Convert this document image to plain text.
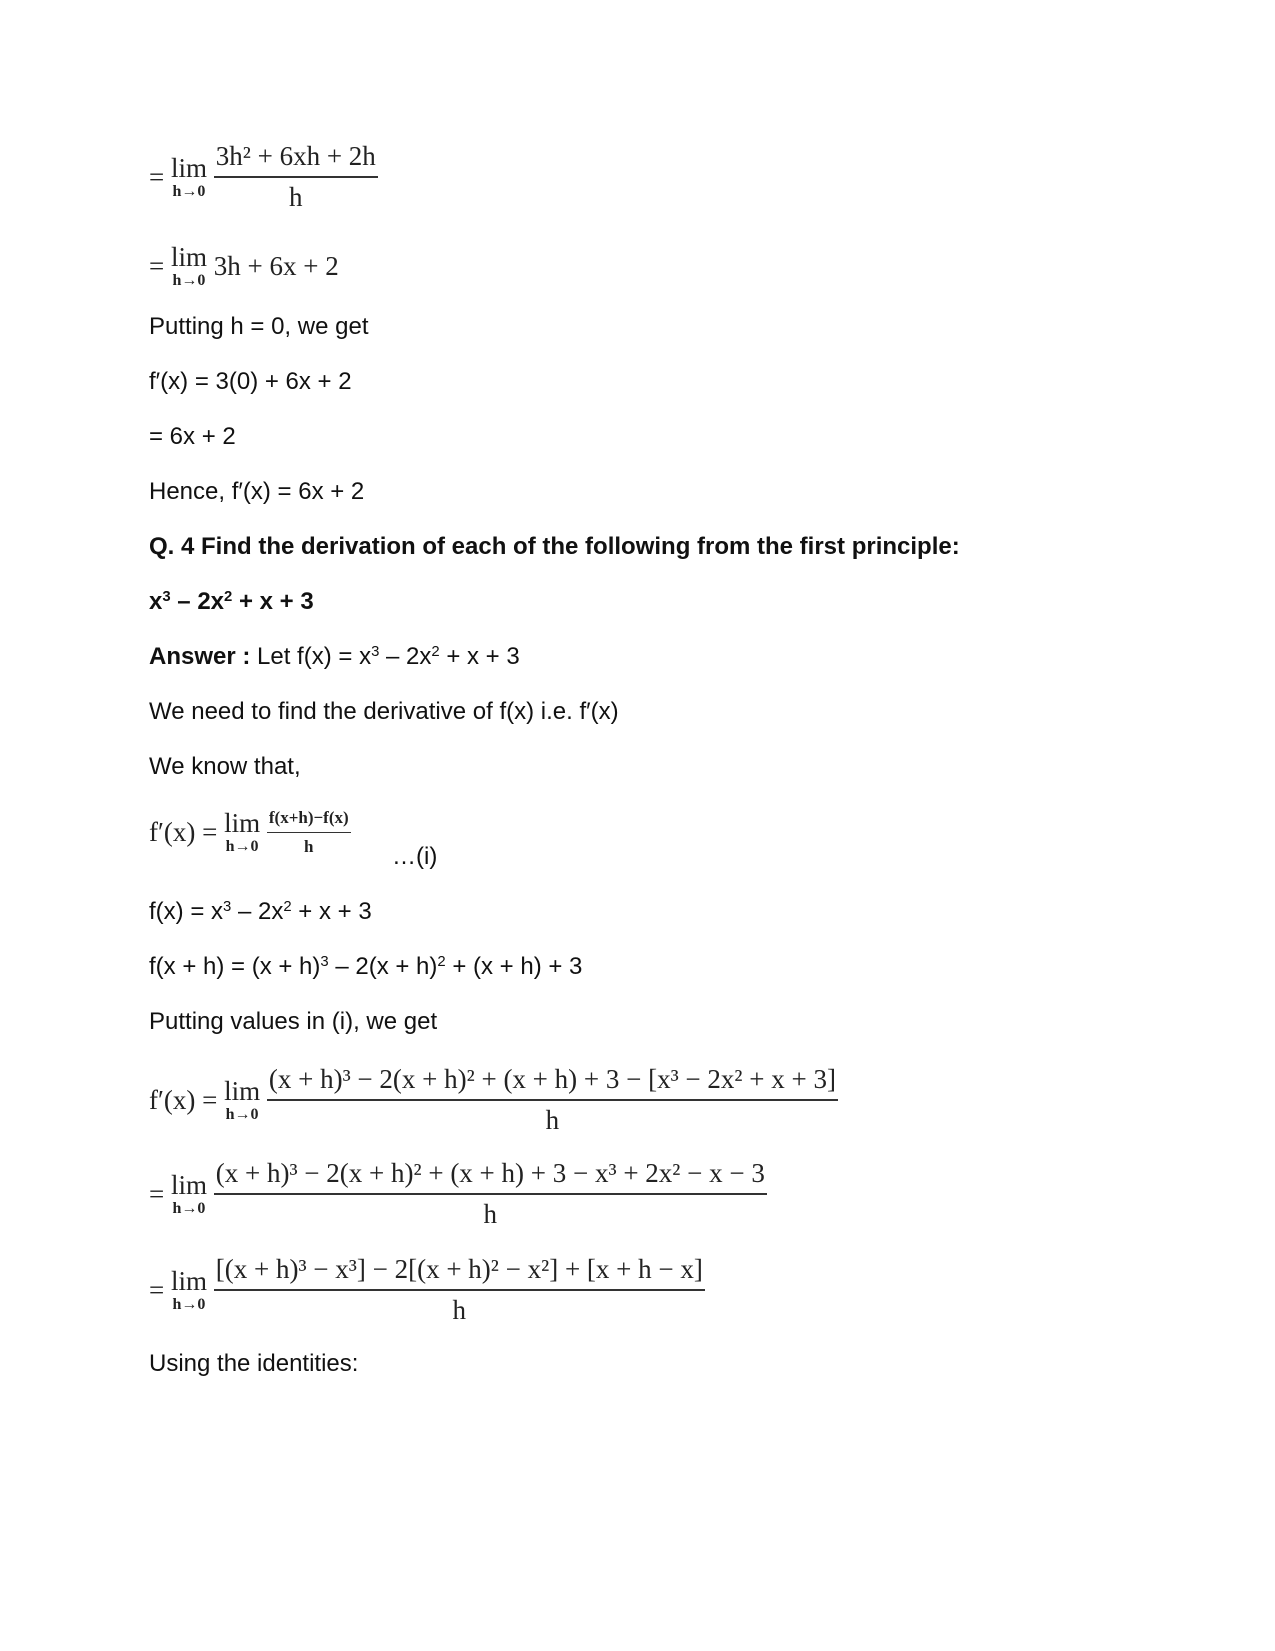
= lim
h→0
$\frac{\text{3h² + 6xh + 2h}}{h}$
= lim
h→0 3h + 6x + 2
Putting h = 0, we get
f′(x) = 3(0) + 6x + 2
= 6x + 2
Hence, f′(x) = 6x + 2
Q. 4 Find the derivation of each of the following from the first principle:
$x^3 - 2x^2 + x + 3$
Answer : Let $f(x) = x^3 - 2x^2 + x + 3$
We need to find the derivative of f(x) i.e. f′(x)
We know that,
f′(x) = lim
h→0
$\frac{f(x+h)-f(x)}{h}$ …(i)
$f(x) = x^3 - 2x^2 + x + 3$
$f(x + h) = (x + h)^3 - 2(x + h)^2 + (x + h) + 3$
Putting values in (i), we get
f′(x) = lim
h→0
$\frac{\text{(x + h)³ − 2(x + h)² + (x + h) + 3 − [x³ − 2x² + x + 3]}}{h}$
= lim
h→0
$\frac{\text{(x + h)³ − 2(x + h)² + (x + h) + 3 − x³ + 2x² − x − 3}}{h}$
= lim
h→0
$\frac{\text{[(x + h)³ − x³] − 2[(x + h)² − x²] + [x + h − x]}}{h}$
Using the identities:
